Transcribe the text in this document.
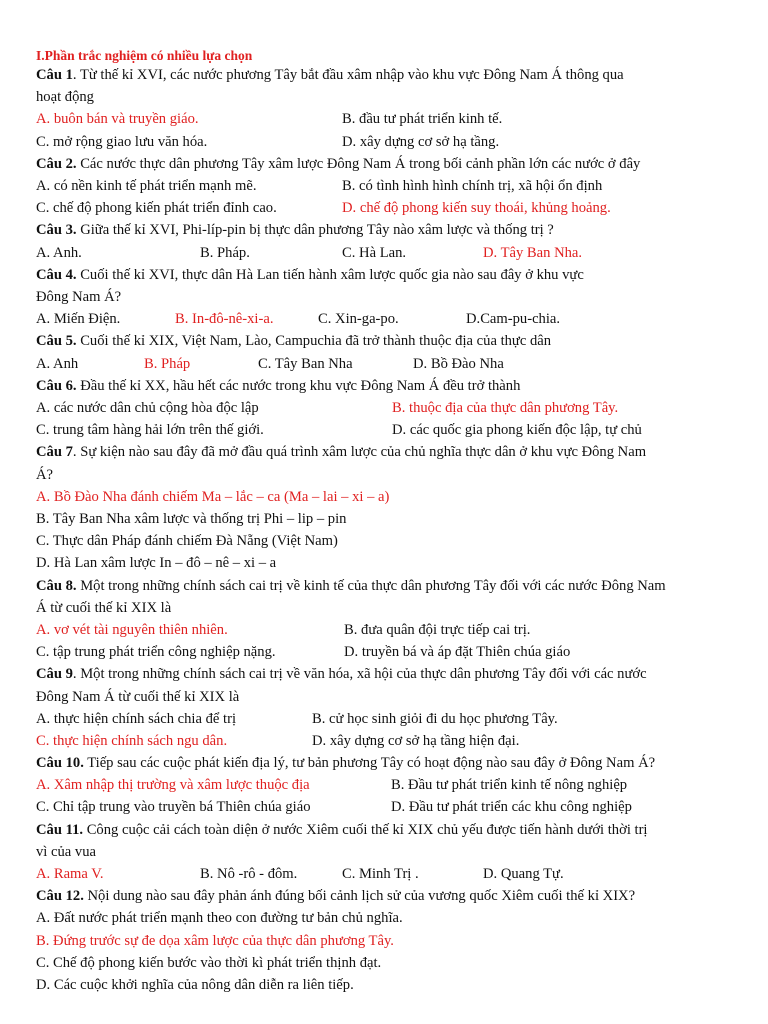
I.Phần trắc nghiệm có nhiều lựa chọn
Câu 1. Từ thế kỉ XVI, các nước phương Tây bắt đầu xâm nhập vào khu vực Đông Nam Á thông qua
hoạt động
A. buôn bán và truyền giáo.	B. đầu tư phát triển kinh tế.
C. mở rộng giao lưu văn hóa.	D. xây dựng cơ sở hạ tầng.
Câu 2. Các nước thực dân phương Tây xâm lược Đông Nam Á trong bối cảnh phần lớn các nước ở đây
A. có nền kinh tế phát triển mạnh mẽ.	B. có tình hình hình chính trị, xã hội ổn định
C. chế độ phong kiến phát triển đỉnh cao.	D. chế độ phong kiến suy thoái, khủng hoảng.
Câu 3. Giữa thế kỉ XVI, Phi-líp-pin bị thực dân phương Tây nào xâm lược và thống trị ?
A. Anh.	B. Pháp.	C. Hà Lan.	D. Tây Ban Nha.
Câu 4. Cuối thế kỉ XVI, thực dân Hà Lan tiến hành xâm lược quốc gia nào sau đây ở khu vực
Đông Nam Á?
A. Miến Điện.	B. In-đô-nê-xi-a.	C. Xin-ga-po.	D.Cam-pu-chia.
Câu 5. Cuối thế kỉ XIX, Việt Nam, Lào, Campuchia đã trở thành thuộc địa của thực dân
A. Anh	B. Pháp	C. Tây Ban Nha	D. Bồ Đào Nha
Câu 6. Đầu thế kỉ XX, hầu hết các nước trong khu vực Đông Nam Á đều trở thành
A. các nước dân chủ cộng hòa độc lập	B. thuộc địa của thực dân phương Tây.
C. trung tâm hàng hải lớn trên thế giới.	D. các quốc gia phong kiến độc lập, tự chủ
Câu 7. Sự kiện nào sau đây đã mở đầu quá trình xâm lược của chủ nghĩa thực dân ở khu vực Đông Nam
Á?
A. Bồ Đào Nha đánh chiếm Ma – lắc – ca (Ma – lai – xi – a)
B. Tây Ban Nha xâm lược và thống trị Phi – lip – pin
C. Thực dân Pháp đánh chiếm Đà Nẵng (Việt Nam)
D. Hà Lan xâm lược In – đô – nê – xi – a
Câu 8. Một trong những chính sách cai trị về kinh tế của thực dân phương Tây đối với các nước Đông Nam
Á từ cuối thế kỉ XIX là
A. vơ vét tài nguyên thiên nhiên.	B. đưa quân đội trực tiếp cai trị.
C. tập trung phát triển công nghiệp nặng.	D. truyền bá và áp đặt Thiên chúa giáo
Câu 9. Một trong những chính sách cai trị về văn hóa, xã hội của thực dân phương Tây đối với các nước
Đông Nam Á từ cuối thế kỉ XIX là
A. thực hiện chính sách chia để trị	B. cử học sinh giỏi đi du học phương Tây.
C. thực hiện chính sách ngu dân.	D. xây dựng cơ sở hạ tầng hiện đại.
Câu 10. Tiếp sau các cuộc phát kiến địa lý, tư bản phương Tây có hoạt động nào sau đây ở Đông Nam Á?
A. Xâm nhập thị trường và xâm lược thuộc địa	B. Đầu tư phát triển kinh tế nông nghiệp
C. Chỉ tập trung vào truyền bá Thiên chúa giáo	D. Đầu tư phát triển các khu công nghiệp
Câu 11. Công cuộc cải cách toàn diện ở nước Xiêm cuối thế kỉ XIX chủ yếu được tiến hành dưới thời trị
vì của vua
A. Rama V.	B. Nô -rô - đôm.	C. Minh Trị .	D. Quang Tự.
Câu 12. Nội dung nào sau đây phản ánh đúng bối cảnh lịch sử của vương quốc Xiêm cuối thế kỉ XIX?
A. Đất nước phát triển mạnh theo con đường tư bản chủ nghĩa.
B. Đứng trước sự đe dọa xâm lược của thực dân phương Tây.
C. Chế độ phong kiến bước vào thời kì phát triển thịnh đạt.
D. Các cuộc khởi nghĩa của nông dân diễn ra liên tiếp.
